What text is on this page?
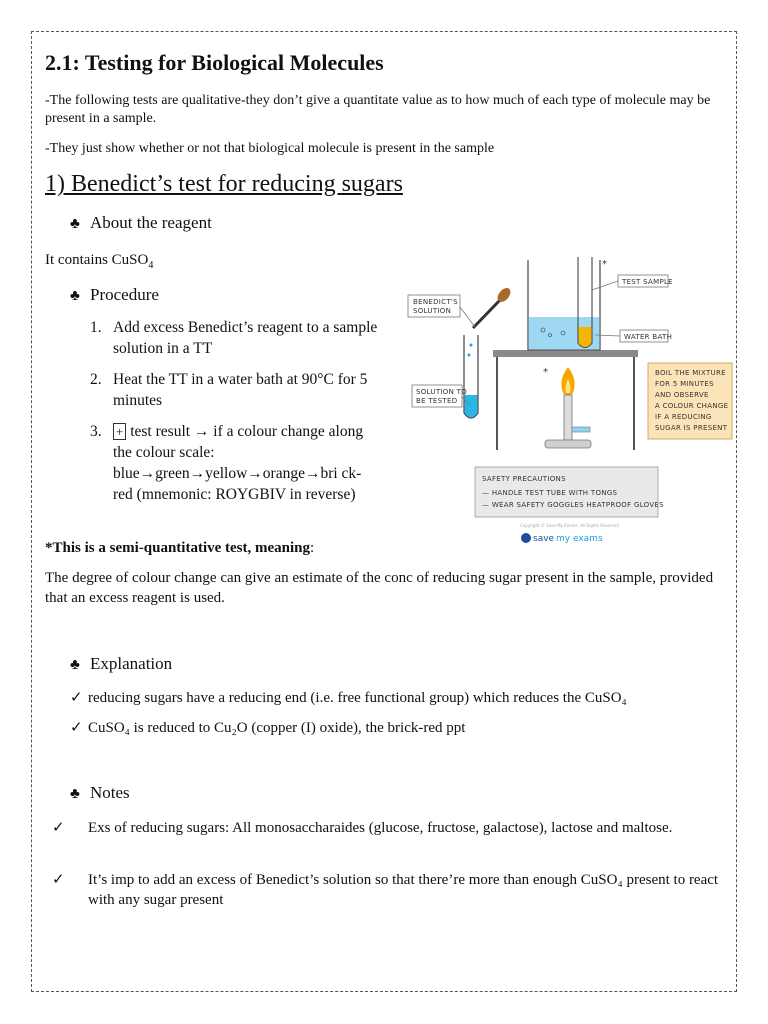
2.1: Testing for Biological Molecules

-The following tests are qualitative-they don’t give a quantitate value as to how much of each type of molecule may be present in a sample.

-They just show whether or not that biological molecule is present in the sample

1) Benedict’s test for reducing sugars
♣ About the reagent
It contains CuSO$_4$
♣ Procedure
1. Add excess Benedict’s reagent to a sample solution in a TT
2. Heat the TT in a water bath at 90°C for 5 minutes
3. + test result → if a colour change along the colour scale: blue→green→yellow→orange→bri ck-red (mnemonic: ROYGBIV in reverse)
*This is a semi-quantitative test, meaning:

The degree of colour change can give an estimate of the conc of reducing sugar present in the sample, provided that an excess reagent is used.

♣ Explanation
✓ reducing sugars have a reducing end (i.e. free functional group) which reduces the CuSO₄
✓ CuSO₄ is reduced to Cu₂O (copper (I) oxide), the brick-red ppt
♣ Notes
✓ Exs of reducing sugars: All monosaccharaides (glucose, fructose, galactose), lactose and maltose.
✓ It’s imp to add an excess of Benedict’s solution so that there’re more than enough CuSO₄ present to react with any sugar present
BENEDICT'S
SOLUTION
SOLUTION TO
BE TESTED
*
TEST SAMPLE
WATER BATH
*	BOIL THE MIXTURE
FOR 5 MINUTES
AND OBSERVE
A COLOUR CHANGE
IF A REDUCING
SUGAR IS PRESENT
SAFETY PRECAUTIONS
— HANDLE TEST TUBE WITH TONGS
— WEAR SAFETY GOGGLES HEATPROOF GLOVES
Copyright © Save My Exams. All Rights Reserved
save my exams
